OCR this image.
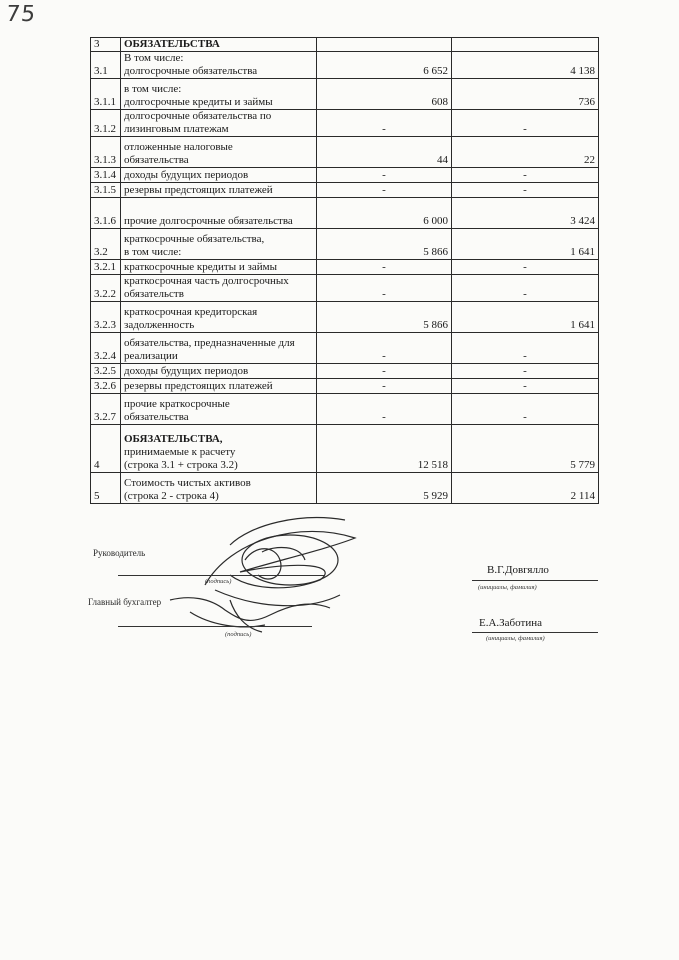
75
3	ОБЯЗАТЕЛЬСТВА		

3.1	В том числе:
долгосрочные обязательства	6 652	4 138
3.1.1	в том числе:
долгосрочные кредиты и займы	608	736
3.1.2	долгосрочные обязательства по
лизинговым платежам	-	-
3.1.3	отложенные налоговые
обязательства	44	22
3.1.4	доходы будущих периодов	-	-
3.1.5	резервы предстоящих платежей	-	-
3.1.6	прочие долгосрочные обязательства	6 000	3 424
3.2	краткосрочные обязательства,
в том числе:	5 866	1 641
3.2.1	краткосрочные кредиты и займы	-	-
3.2.2	краткосрочная часть долгосрочных
обязательств	-	-
3.2.3	краткосрочная кредиторская
задолженность	5 866	1 641
3.2.4	обязательства, предназначенные для
реализации	-	-
3.2.5	доходы будущих периодов	-	-
3.2.6	резервы предстоящих платежей	-	-
3.2.7	прочие краткосрочные
обязательства	-	-
4	ОБЯЗАТЕЛЬСТВА,
принимаемые к расчету
(строка 3.1 + строка 3.2)	12 518	5 779
5	Стоимость чистых активов
(строка 2 - строка 4)	5 929	2 114
Руководитель
(подпись)
В.Г.Довгялло
(инициалы, фамилия)
Главный бухгалтер
(подпись)
Е.А.Заботина
(инициалы, фамилия)
